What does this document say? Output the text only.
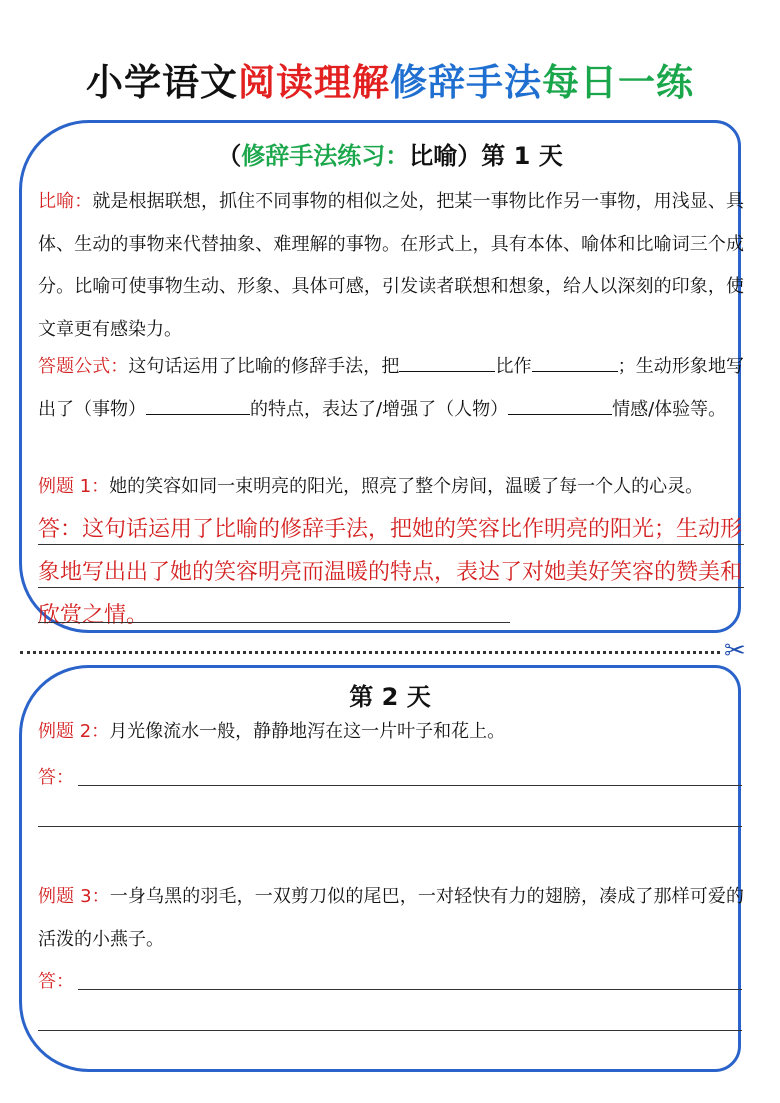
小学语文阅读理解修辞手法每日一练
（修辞手法练习：比喻）第 1 天
比喻：就是根据联想，抓住不同事物的相似之处，把某一事物比作另一事物，用浅显、具体、生动的事物来代替抽象、难理解的事物。在形式上，具有本体、喻体和比喻词三个成分。比喻可使事物生动、形象、具体可感，引发读者联想和想象，给人以深刻的印象，使文章更有感染力。
答题公式：这句话运用了比喻的修辞手法，把	比作	；生动形象地写出了（事物）	的特点，表达了/增强了（人物）	情感/体验等。
例题 1：她的笑容如同一束明亮的阳光，照亮了整个房间，温暖了每一个人的心灵。
答：这句话运用了比喻的修辞手法，把她的笑容比作明亮的阳光；生动形象地写出出了她的笑容明亮而温暖的特点，表达了对她美好笑容的赞美和欣赏之情。
✂
第 2 天
例题 2：月光像流水一般，静静地泻在这一片叶子和花上。
答：
例题 3：一身乌黑的羽毛，一双剪刀似的尾巴，一对轻快有力的翅膀，凑成了那样可爱的活泼的小燕子。
答：
